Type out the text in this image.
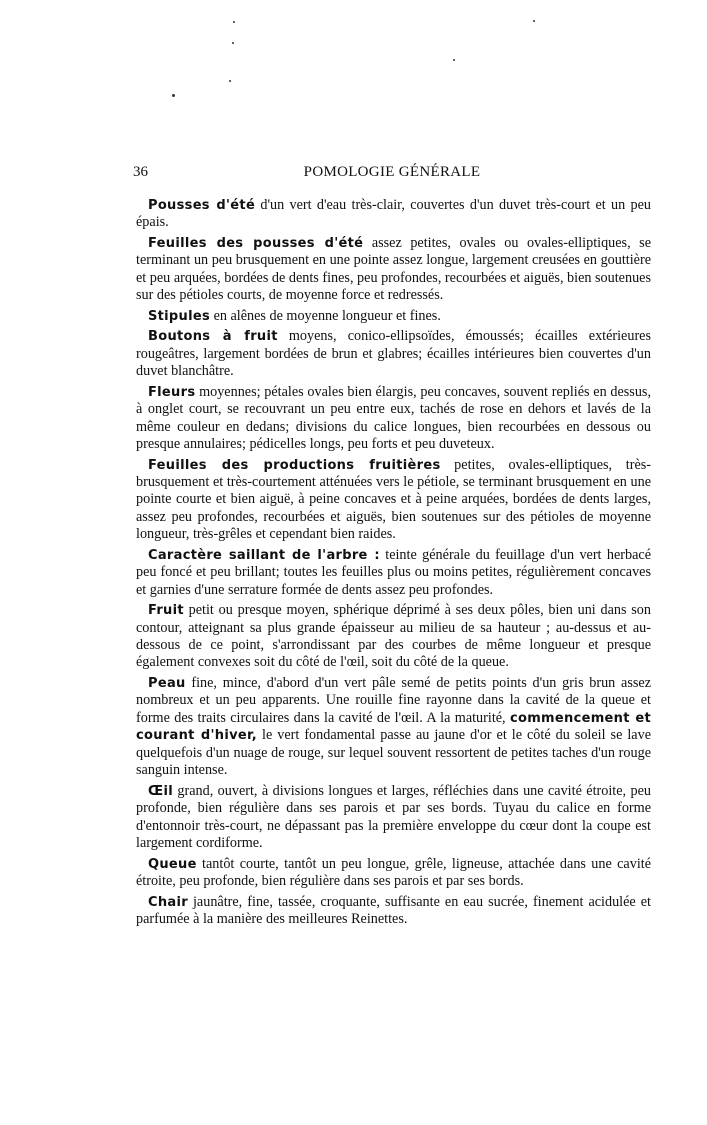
36	POMOLOGIE GÉNÉRALE

Pousses d'été d'un vert d'eau très-clair, couvertes d'un duvet très-court et un peu épais.

Feuilles des pousses d'été assez petites, ovales ou ovales-elliptiques, se terminant un peu brusquement en une pointe assez longue, largement creusées en gouttière et peu arquées, bordées de dents fines, peu profondes, recourbées et aiguës, bien soutenues sur des pétioles courts, de moyenne force et redressés.

Stipules en alênes de moyenne longueur et fines.

Boutons à fruit moyens, conico-ellipsoïdes, émoussés; écailles extérieures rougeâtres, largement bordées de brun et glabres; écailles intérieures bien couvertes d'un duvet blanchâtre.

Fleurs moyennes; pétales ovales bien élargis, peu concaves, souvent repliés en dessus, à onglet court, se recouvrant un peu entre eux, tachés de rose en dehors et lavés de la même couleur en dedans; divisions du calice longues, bien recourbées en dessous ou presque annulaires; pédicelles longs, peu forts et peu duveteux.

Feuilles des productions fruitières petites, ovales-elliptiques, très-brusquement et très-courtement atténuées vers le pétiole, se terminant brusquement en une pointe courte et bien aiguë, à peine concaves et à peine arquées, bordées de dents larges, assez peu profondes, recourbées et aiguës, bien soutenues sur des pétioles de moyenne longueur, très-grêles et cependant bien raides.

Caractère saillant de l'arbre : teinte générale du feuillage d'un vert herbacé peu foncé et peu brillant; toutes les feuilles plus ou moins petites, régulièrement concaves et garnies d'une serrature formée de dents assez peu profondes.

Fruit petit ou presque moyen, sphérique déprimé à ses deux pôles, bien uni dans son contour, atteignant sa plus grande épaisseur au milieu de sa hauteur ; au-dessus et au-dessous de ce point, s'arrondissant par des courbes de même longueur et presque également convexes soit du côté de l'œil, soit du côté de la queue.

Peau fine, mince, d'abord d'un vert pâle semé de petits points d'un gris brun assez nombreux et un peu apparents. Une rouille fine rayonne dans la cavité de la queue et forme des traits circulaires dans la cavité de l'œil. A la maturité, commencement et courant d'hiver, le vert fondamental passe au jaune d'or et le côté du soleil se lave quelquefois d'un nuage de rouge, sur lequel souvent ressortent de petites taches d'un rouge sanguin intense.

Œil grand, ouvert, à divisions longues et larges, réfléchies dans une cavité étroite, peu profonde, bien régulière dans ses parois et par ses bords. Tuyau du calice en forme d'entonnoir très-court, ne dépassant pas la première enveloppe du cœur dont la coupe est largement cordiforme.

Queue tantôt courte, tantôt un peu longue, grêle, ligneuse, attachée dans une cavité étroite, peu profonde, bien régulière dans ses parois et par ses bords.

Chair jaunâtre, fine, tassée, croquante, suffisante en eau sucrée, finement acidulée et parfumée à la manière des meilleures Reinettes.
